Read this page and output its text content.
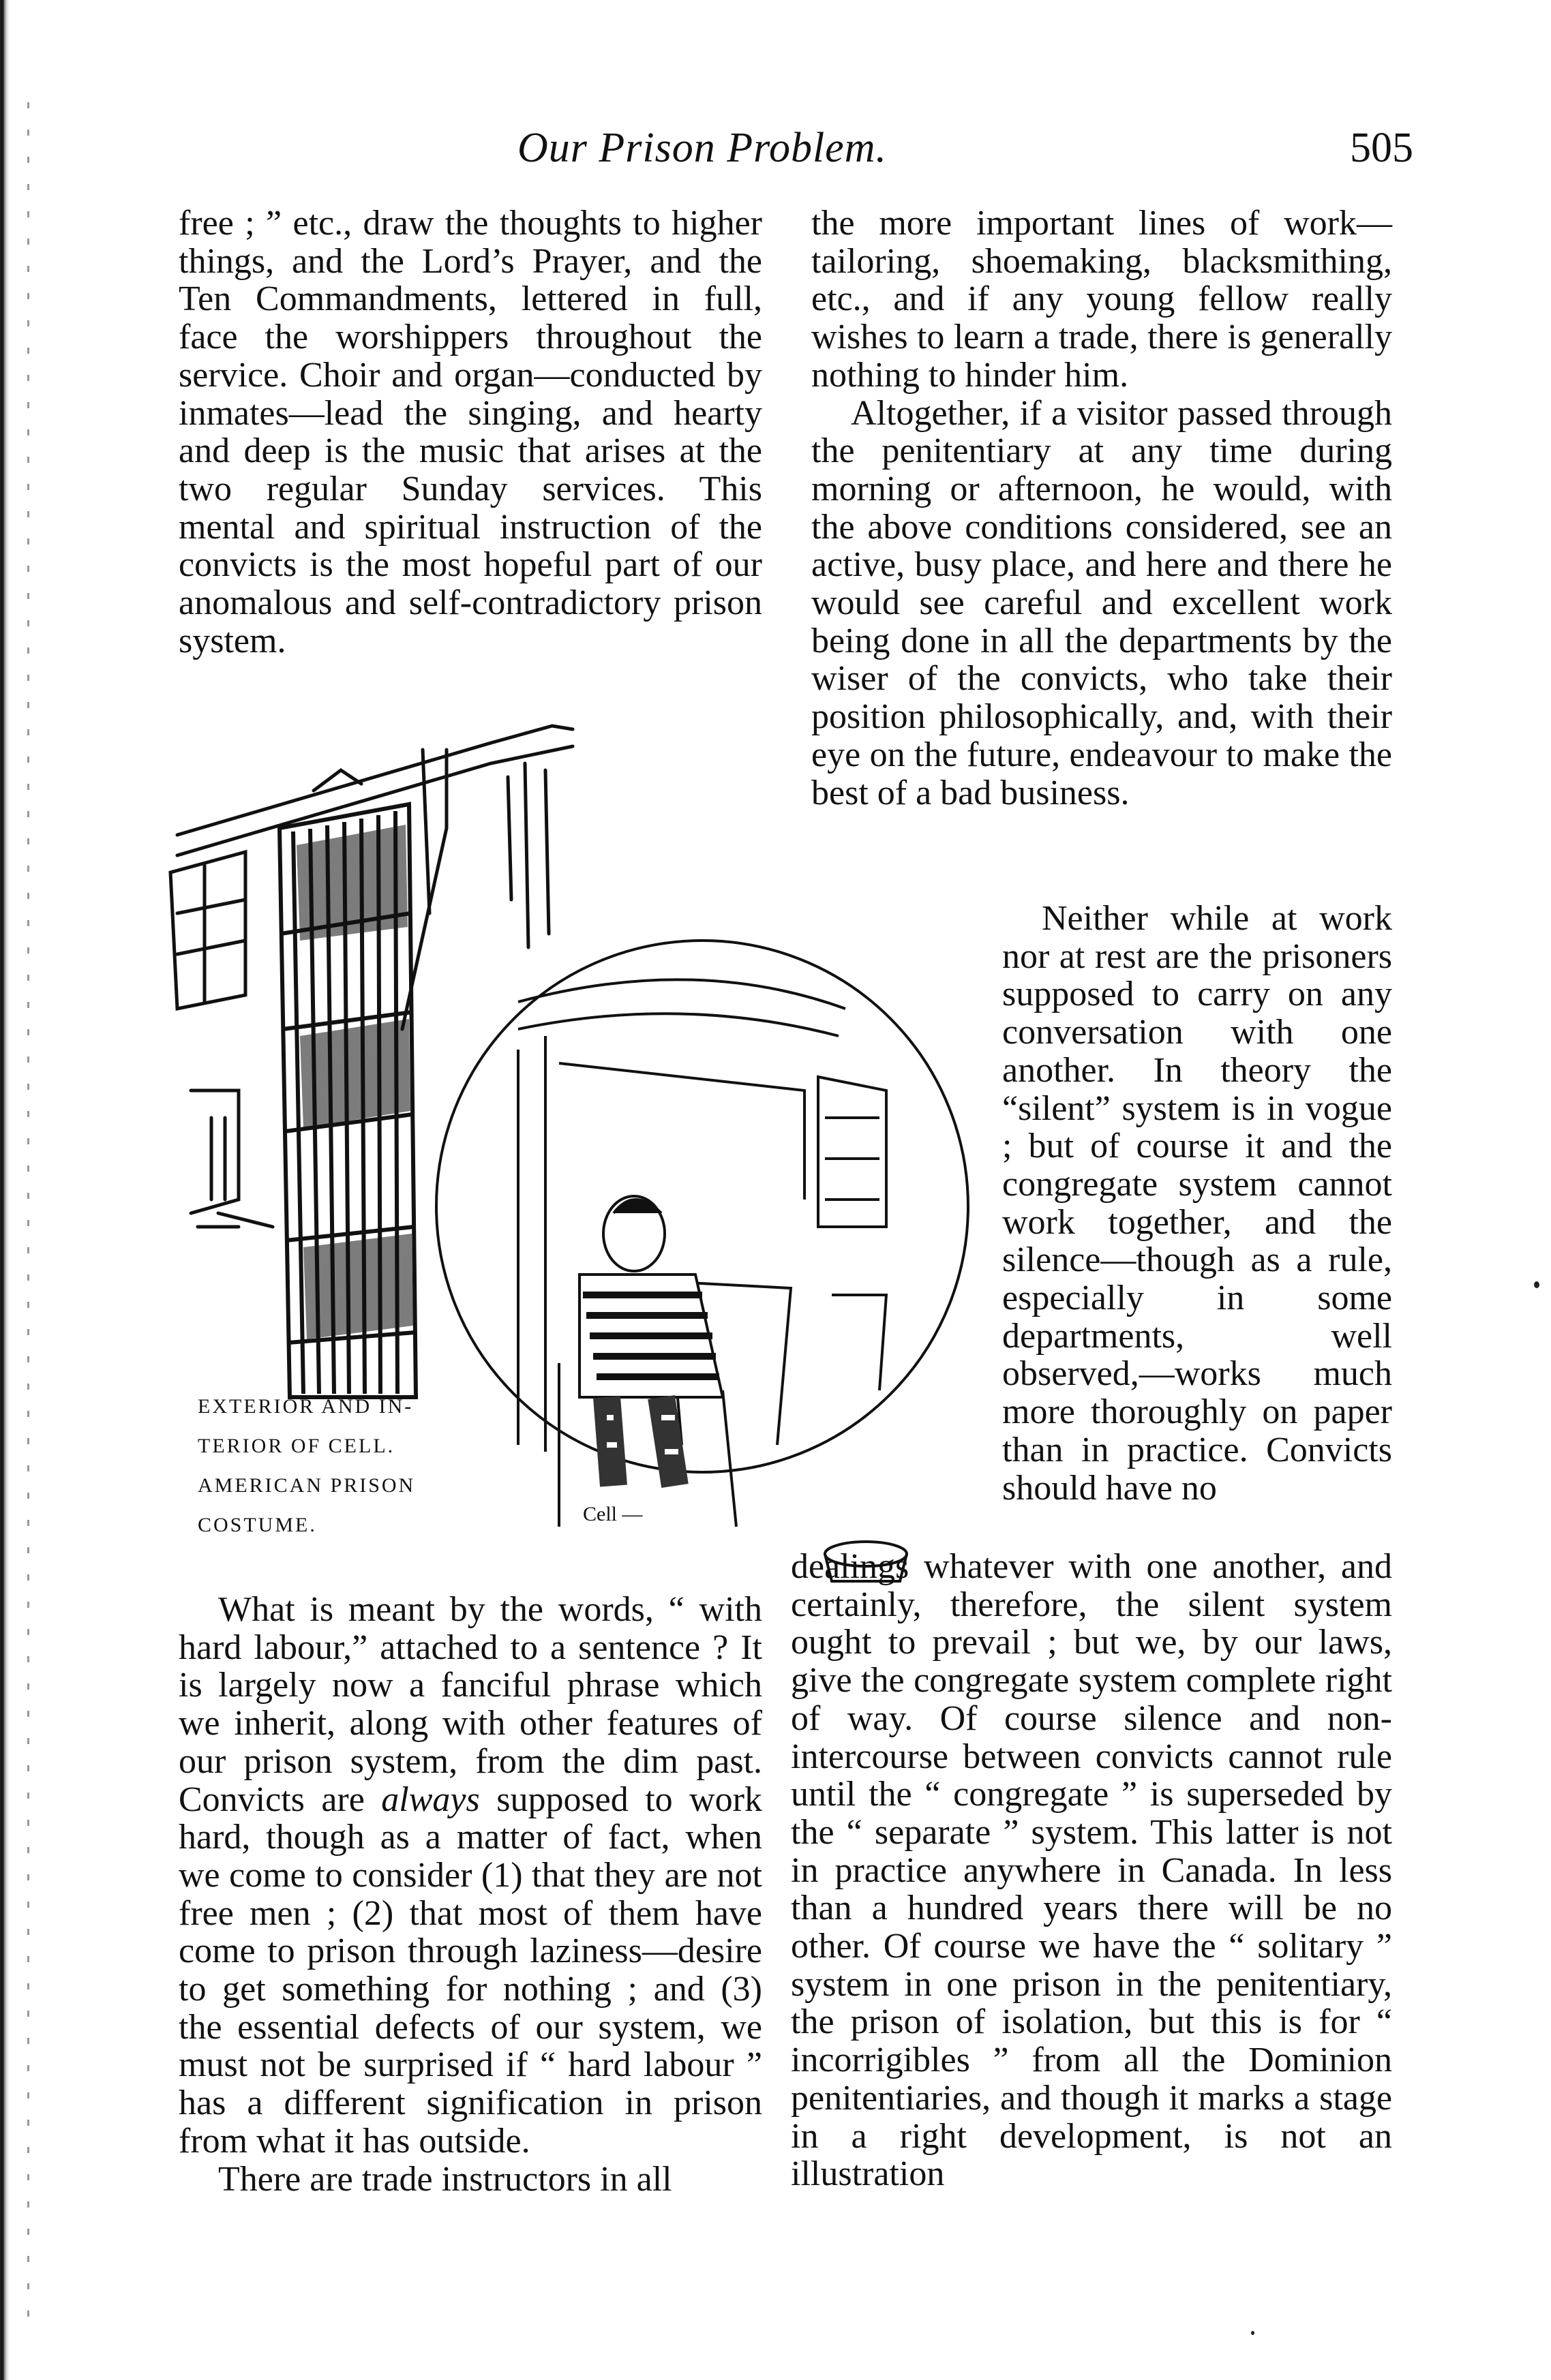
Our Prison Problem.	505

free ; ” etc., draw the thoughts to higher things, and the Lord’s Prayer, and the Ten Commandments, lettered in full, face the worshippers throughout the service. Choir and organ—conducted by inmates—lead the singing, and hearty and deep is the music that arises at the two regular Sunday services. This mental and spiritual instruction of the convicts is the most hopeful part of our anomalous and self-contradictory prison system.

the more important lines of work—tailoring, shoemaking, blacksmithing, etc., and if any young fellow really wishes to learn a trade, there is generally nothing to hinder him.

Altogether, if a visitor passed through the penitentiary at any time during morning or afternoon, he would, with the above conditions considered, see an active, busy place, and here and there he would see careful and excellent work being done in all the departments by the wiser of the convicts, who take their position philosophically, and, with their eye on the future, endeavour to make the best of a bad business.

Neither while at work nor at rest are the prisoners supposed to carry on any conversation with one another. In theory the “silent” system is in vogue ; but of course it and the congregate system cannot work together, and the silence—though as a rule, especially in some departments, well observed,—works much more thoroughly on paper than in practice. Convicts should have no

EXTERIOR AND IN-

TERIOR OF CELL.

AMERICAN PRISON

COSTUME.	Cell —

What is meant by the words, “ with hard labour,” attached to a sentence ? It is largely now a fanciful phrase which we inherit, along with other features of our prison system, from the dim past. Convicts are always supposed to work hard, though as a matter of fact, when we come to consider (1) that they are not free men ; (2) that most of them have come to prison through laziness—desire to get something for nothing ; and (3) the essential defects of our system, we must not be surprised if “ hard labour ” has a different signification in prison from what it has outside.

There are trade instructors in all

dealings whatever with one another, and certainly, therefore, the silent system ought to prevail ; but we, by our laws, give the congregate system complete right of way. Of course silence and non-intercourse between convicts cannot rule until the “ congregate ” is superseded by the “ separate ” system. This latter is not in practice anywhere in Canada. In less than a hundred years there will be no other. Of course we have the “ solitary ” system in one prison in the penitentiary, the prison of isolation, but this is for “ incorrigibles ” from all the Dominion penitentiaries, and though it marks a stage in a right development, is not an illustration
